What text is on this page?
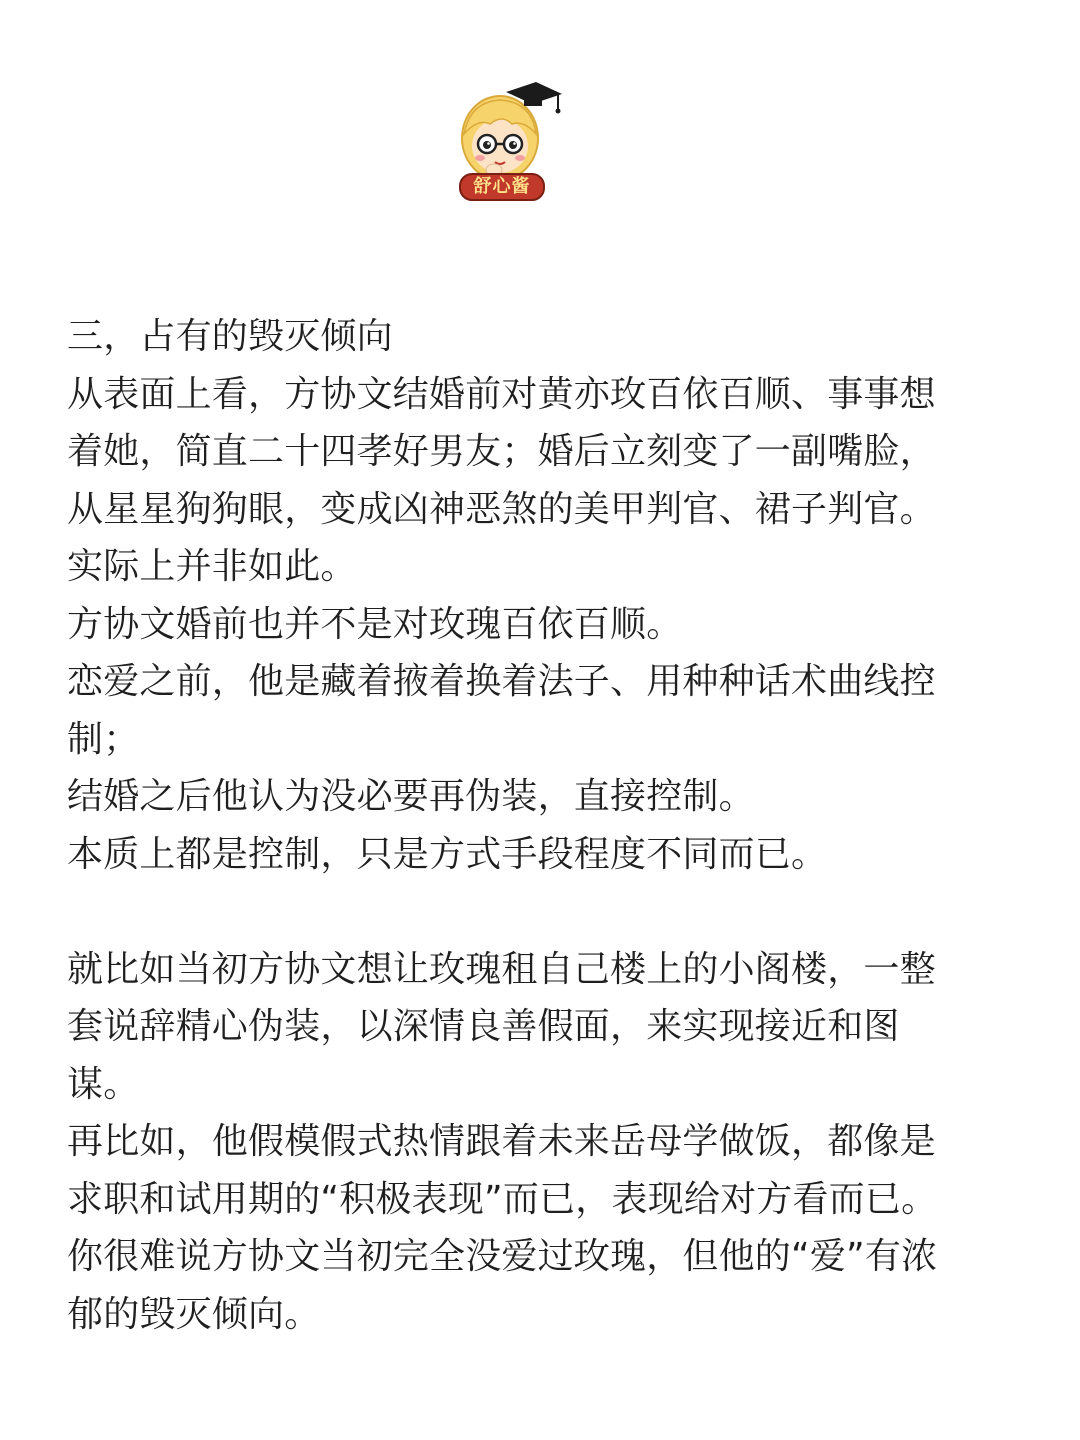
舒心酱
三，占有的毁灭倾向
从表面上看，方协文结婚前对黄亦玫百依百顺、事事想
着她，简直二十四孝好男友；婚后立刻变了一副嘴脸，
从星星狗狗眼，变成凶神恶煞的美甲判官、裙子判官。
实际上并非如此。
方协文婚前也并不是对玫瑰百依百顺。
恋爱之前，他是藏着掖着换着法子、用种种话术曲线控
制；
结婚之后他认为没必要再伪装，直接控制。
本质上都是控制，只是方式手段程度不同而已。
就比如当初方协文想让玫瑰租自己楼上的小阁楼，一整
套说辞精心伪装，以深情良善假面，来实现接近和图
谋。
再比如，他假模假式热情跟着未来岳母学做饭，都像是
求职和试用期的“积极表现”而已，表现给对方看而已。
你很难说方协文当初完全没爱过玫瑰，但他的“爱”有浓
郁的毁灭倾向。
